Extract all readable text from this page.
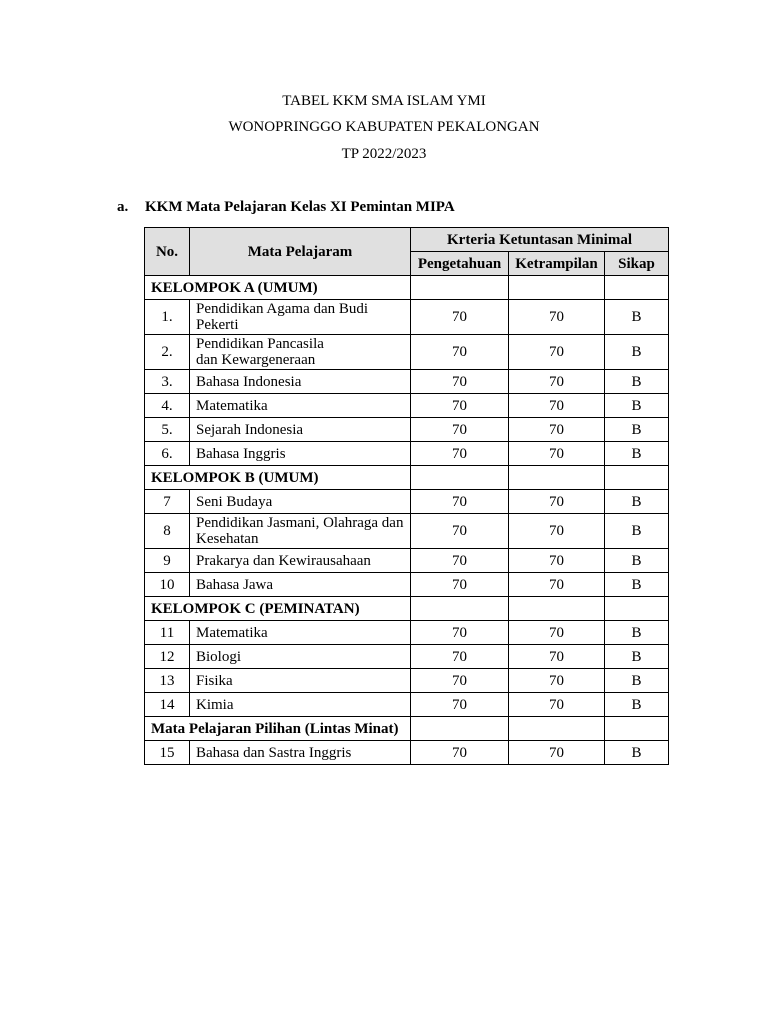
TABEL KKM SMA ISLAM YMI
WONOPRINGGO KABUPATEN PEKALONGAN
TP 2022/2023
a.	KKM Mata Pelajaran Kelas XI Pemintan MIPA
No.	Mata Pelajaram	Krteria Ketuntasan Minimal		
		Pengetahuan	Ketrampilan	Sikap
KELOMPOK A (UMUM)				
1.	Pendidikan Agama dan Budi Pekerti	70	70	B
2.	Pendidikan Pancasila
dan Kewargeneraan	70	70	B
3.	Bahasa Indonesia	70	70	B
4.	Matematika	70	70	B
5.	Sejarah Indonesia	70	70	B
6.	Bahasa Inggris	70	70	B
KELOMPOK B (UMUM)				
7	Seni Budaya	70	70	B
8	Pendidikan Jasmani, Olahraga dan Kesehatan	70	70	B
9	Prakarya dan Kewirausahaan	70	70	B
10	Bahasa Jawa	70	70	B
KELOMPOK C (PEMINATAN)				
11	Matematika	70	70	B
12	Biologi	70	70	B
13	Fisika	70	70	B
14	Kimia	70	70	B
Mata Pelajaran Pilihan (Lintas Minat)				
15	Bahasa dan Sastra Inggris	70	70	B
